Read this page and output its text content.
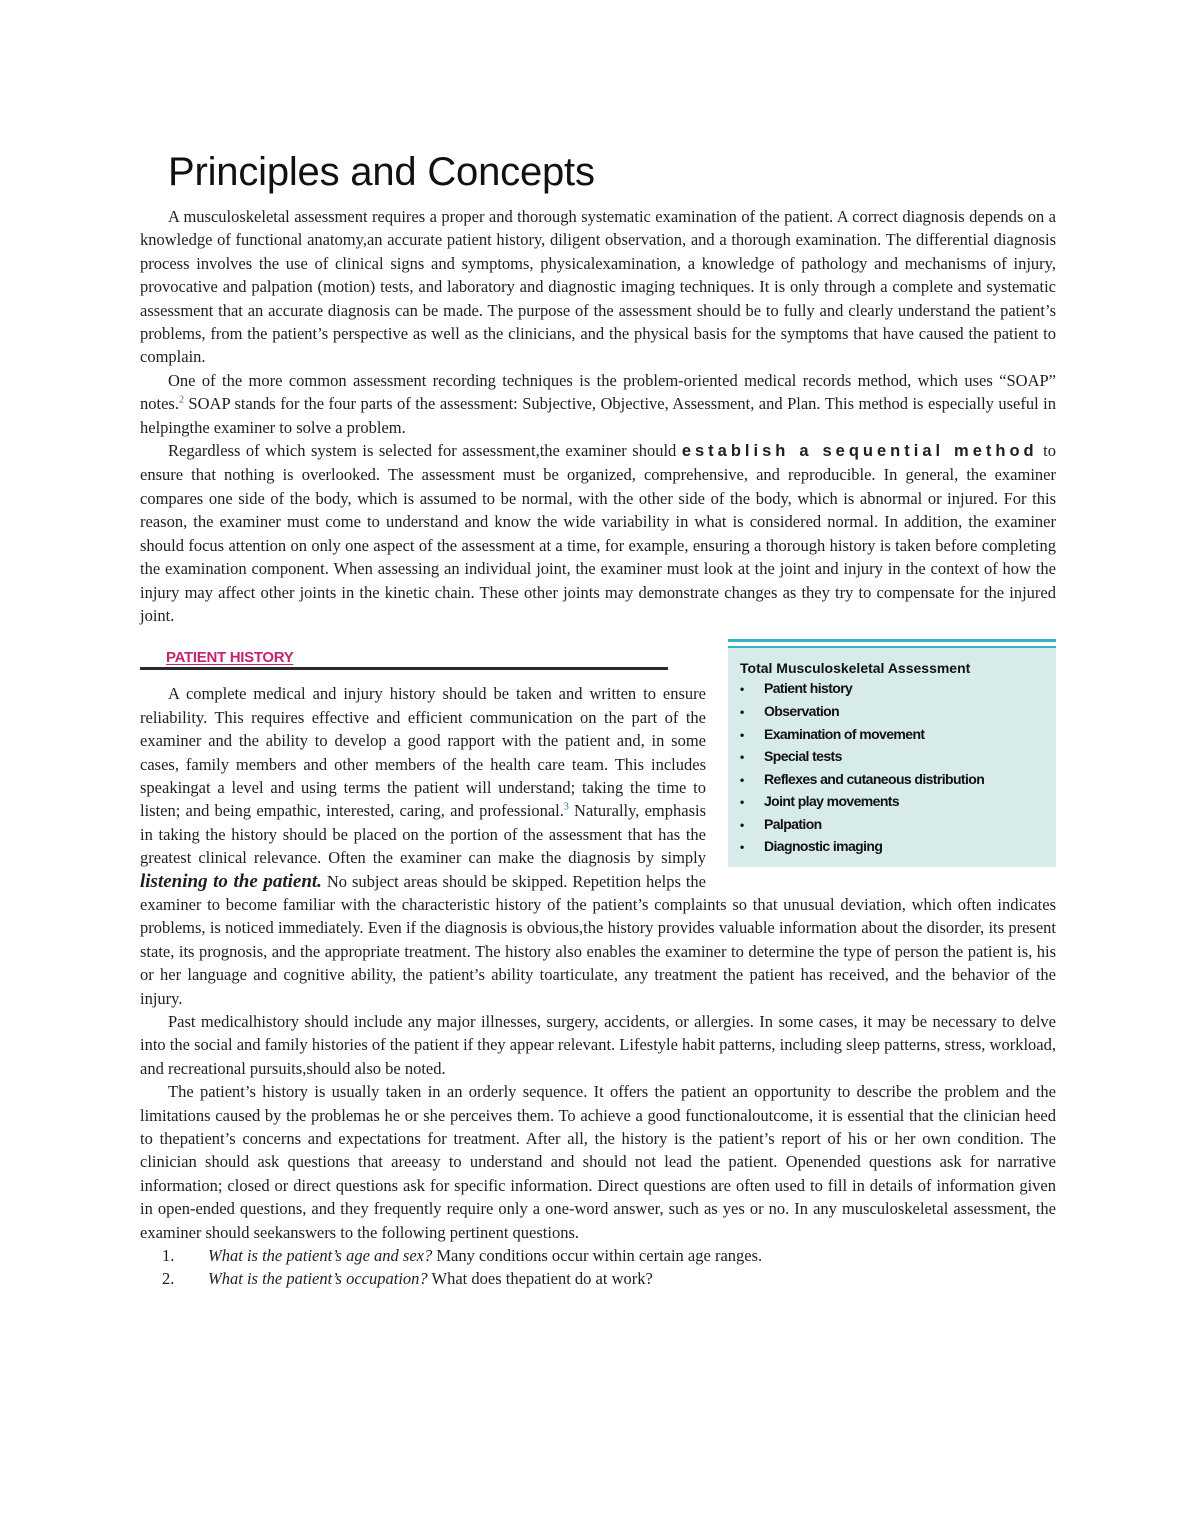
Principles and Concepts

A musculoskeletal assessment requires a proper and thorough systematic examination of the patient. A correct diagnosis depends on a knowledge of functional anatomy,an accurate patient history, diligent observation, and a thorough examination. The differential diagnosis process involves the use of clinical signs and symptoms, physicalexamination, a knowledge of pathology and mechanisms of injury, provocative and palpation (motion) tests, and laboratory and diagnostic imaging techniques. It is only through a complete and systematic assessment that an accurate diagnosis can be made. The purpose of the assessment should be to fully and clearly understand the patient’s problems, from the patient’s perspective as well as the clinicians, and the physical basis for the symptoms that have caused the patient to complain.

One of the more common assessment recording techniques is the problem-oriented medical records method, which uses “SOAP” notes.$^2$ SOAP stands for the four parts of the assessment: Subjective, Objective, Assessment, and Plan. This method is especially useful in helpingthe examiner to solve a problem.

Regardless of which system is selected for assessment,the examiner should establish a sequential method to ensure that nothing is overlooked. The assessment must be organized, comprehensive, and reproducible. In general, the examiner compares one side of the body, which is assumed to be normal, with the other side of the body, which is abnormal or injured. For this reason, the examiner must come to understand and know the wide variability in what is considered normal. In addition, the examiner should focus attention on only one aspect of the assessment at a time, for example, ensuring a thorough history is taken before completing the examination component. When assessing an individual joint, the examiner must look at the joint and injury in the context of how the injury may affect other joints in the kinetic chain. These other joints may demonstrate changes as they try to compensate for the injured joint.

Total Musculoskeletal Assessment
• Patient history
• Observation
• Examination of movement
• Special tests
• Reflexes and cutaneous distribution
• Joint play movements
• Palpation
• Diagnostic imaging
PATIENT HISTORY

A complete medical and injury history should be taken and written to ensure reliability. This requires effective and efficient communication on the part of the examiner and the ability to develop a good rapport with the patient and, in some cases, family members and other members of the health care team. This includes speakingat a level and using terms the patient will understand; taking the time to listen; and being empathic, interested, caring, and professional.$^3$ Naturally, emphasis in taking the history should be placed on the portion of the assessment that has the greatest clinical relevance. Often the examiner can make the diagnosis by simply listening to the patient. No subject areas should be skipped. Repetition helps the examiner to become familiar with the characteristic history of the patient’s complaints so that unusual deviation, which often indicates problems, is noticed immediately. Even if the diagnosis is obvious,the history provides valuable information about the disorder, its present state, its prognosis, and the appropriate treatment. The history also enables the examiner to determine the type of person the patient is, his or her language and cognitive ability, the patient’s ability toarticulate, any treatment the patient has received, and the behavior of the injury.

Past medicalhistory should include any major illnesses, surgery, accidents, or allergies. In some cases, it may be necessary to delve into the social and family histories of the patient if they appear relevant. Lifestyle habit patterns, including sleep patterns, stress, workload, and recreational pursuits,should also be noted.

The patient’s history is usually taken in an orderly sequence. It offers the patient an opportunity to describe the problem and the limitations caused by the problemas he or she perceives them. To achieve a good functionaloutcome, it is essential that the clinician heed to thepatient’s concerns and expectations for treatment. After all, the history is the patient’s report of his or her own condition. The clinician should ask questions that areeasy to understand and should not lead the patient. Openended questions ask for narrative information; closed or direct questions ask for specific information. Direct questions are often used to fill in details of information given in open-ended questions, and they frequently require only a one-word answer, such as yes or no. In any musculoskeletal assessment, the examiner should seekanswers to the following pertinent questions.

1. What is the patient’s age and sex? Many conditions occur within certain age ranges.
2. What is the patient’s occupation? What does thepatient do at work?
